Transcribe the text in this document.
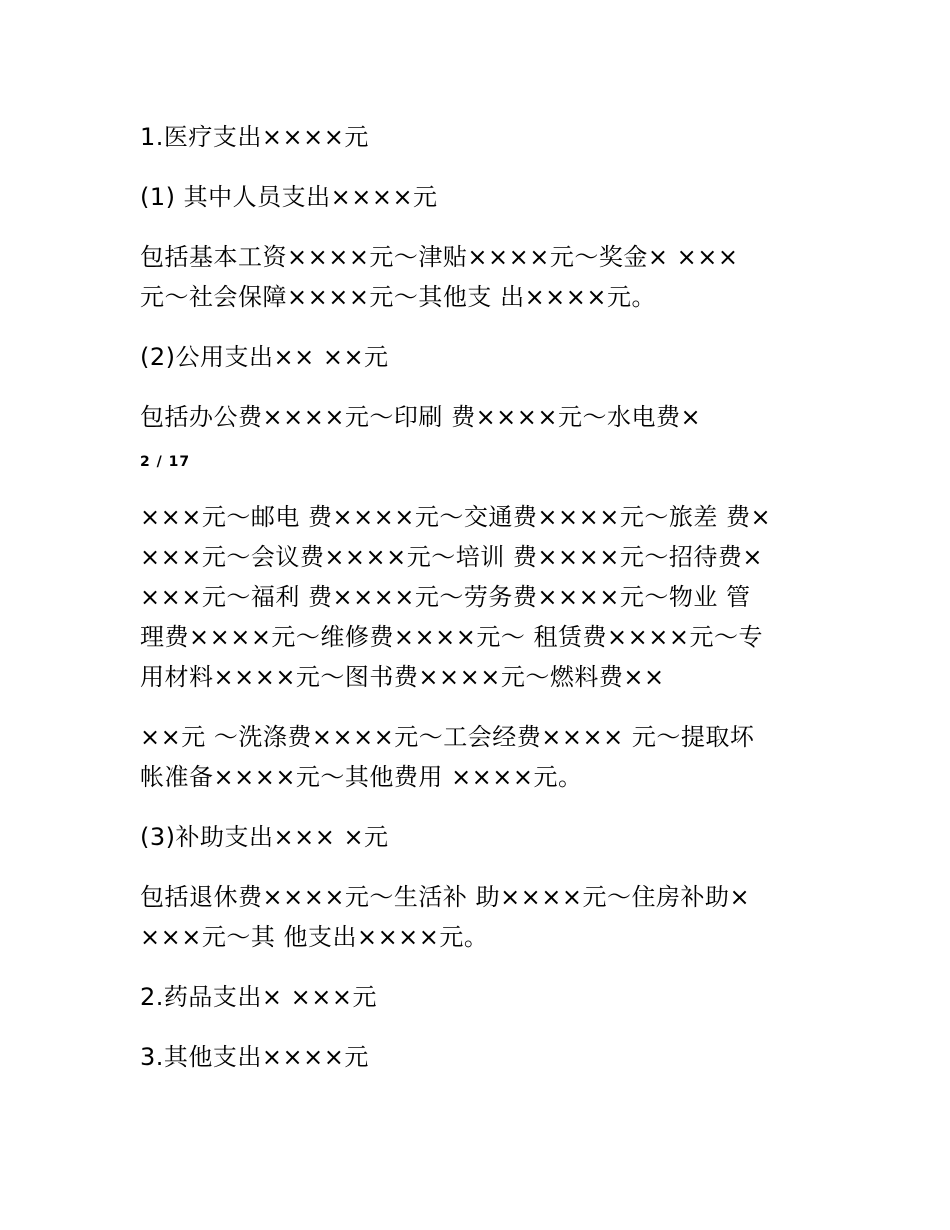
1.医疗支出××××元
(1) 其中人员支出××××元
包括基本工资××××元～津贴××××元～奖金× ×××
元～社会保障××××元～其他支 出××××元。
(2)公用支出×× ××元
包括办公费××××元～印刷 费××××元～水电费×
2 / 17
×××元～邮电 费××××元～交通费××××元～旅差 费×
×××元～会议费××××元～培训 费××××元～招待费×
×××元～福利 费××××元～劳务费××××元～物业 管
理费××××元～维修费××××元～ 租赁费××××元～专
用材料××××元～图书费××××元～燃料费××
××元 ～洗涤费××××元～工会经费×××× 元～提取坏
帐准备××××元～其他费用 ××××元。
(3)补助支出××× ×元
包括退休费××××元～生活补 助××××元～住房补助×
×××元～其 他支出××××元。
2.药品支出× ×××元
3.其他支出××××元
